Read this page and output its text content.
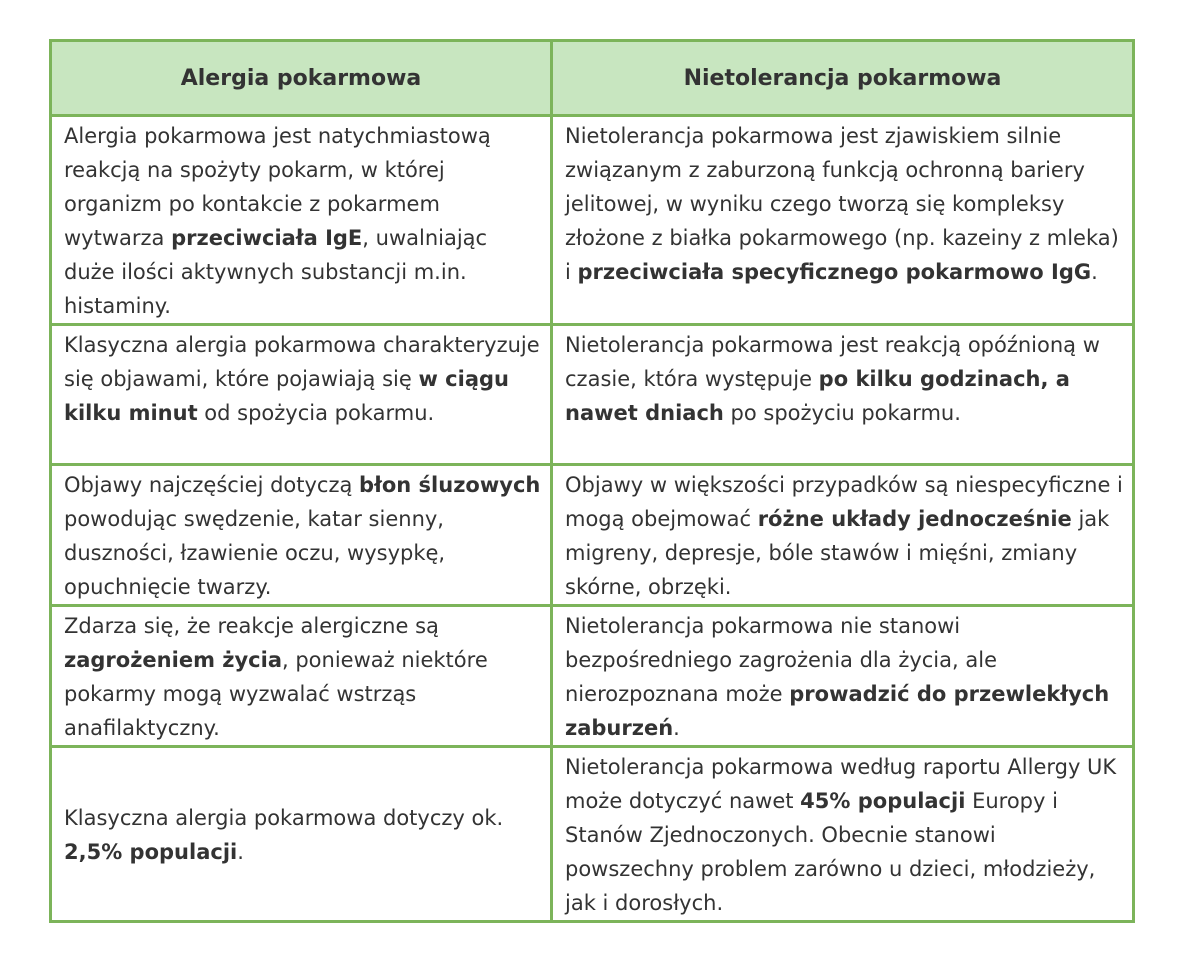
Alergia pokarmowa	Nietolerancja pokarmowa
Alergia pokarmowa jest natychmiastową reakcją na spożyty pokarm, w której organizm po kontakcie z pokarmem wytwarza przeciwciała IgE, uwalniając duże ilości aktywnych substancji m.in. histaminy.	Nietolerancja pokarmowa jest zjawiskiem silnie związanym z zaburzoną funkcją ochronną bariery jelitowej, w wyniku czego tworzą się kompleksy złożone z białka pokarmowego (np. kazeiny z mleka) i przeciwciała specyficznego pokarmowo IgG.
Klasyczna alergia pokarmowa charakteryzuje się objawami, które pojawiają się w ciągu kilku minut od spożycia pokarmu.	Nietolerancja pokarmowa jest reakcją opóźnioną w czasie, która występuje po kilku godzinach, a nawet dniach po spożyciu pokarmu.
Objawy najczęściej dotyczą błon śluzowych powodując swędzenie, katar sienny, duszności, łzawienie oczu, wysypkę, opuchnięcie twarzy.	Objawy w większości przypadków są niespecyficzne i mogą obejmować różne układy jednocześnie jak migreny, depresje, bóle stawów i mięśni, zmiany skórne, obrzęki.
Zdarza się, że reakcje alergiczne są zagrożeniem życia, ponieważ niektóre pokarmy mogą wyzwalać wstrząs anafilaktyczny.	Nietolerancja pokarmowa nie stanowi bezpośredniego zagrożenia dla życia, ale nierozpoznana może prowadzić do przewlekłych zaburzeń.
Klasyczna alergia pokarmowa dotyczy ok. 2,5% populacji.	Nietolerancja pokarmowa według raportu Allergy UK może dotyczyć nawet 45% populacji Europy i Stanów Zjednoczonych. Obecnie stanowi powszechny problem zarówno u dzieci, młodzieży, jak i dorosłych.
